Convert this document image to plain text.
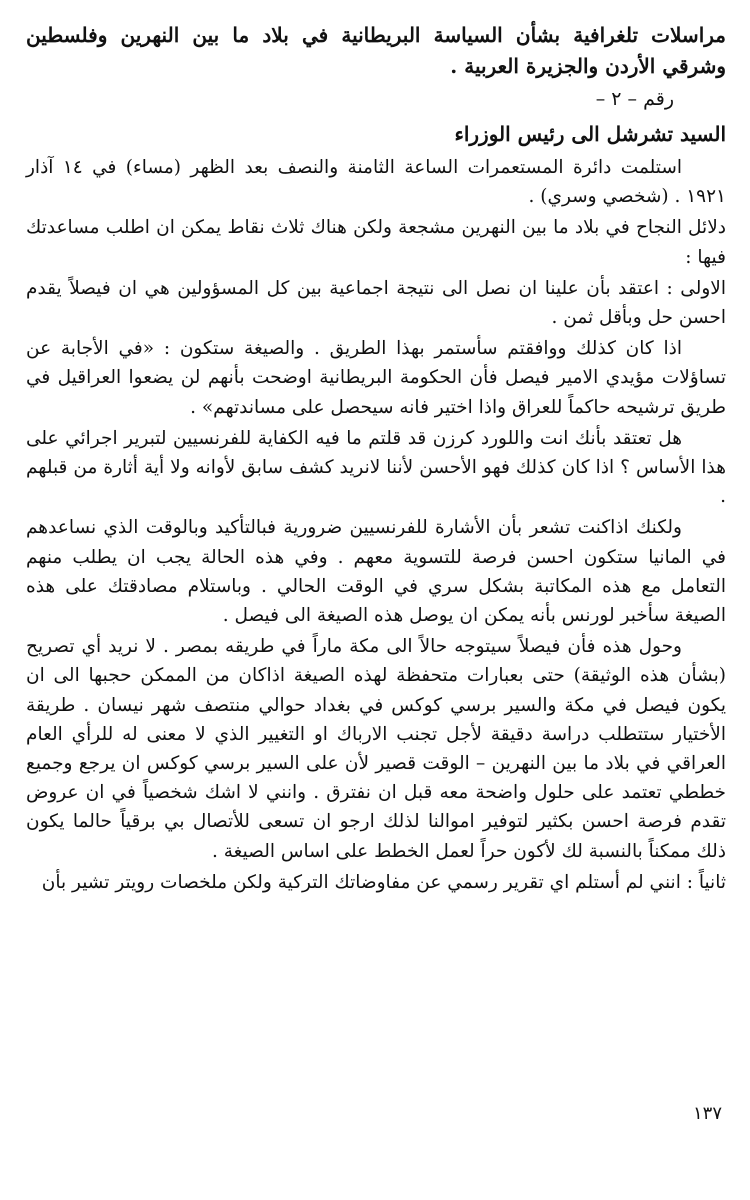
مراسلات تلغرافية بشأن السياسة البريطانية في بلاد ما بين النهرين وفلسطين وشرقي الأردن والجزيرة العربية .
رقم – ٢ –
السيد تشرشل الى رئيس الوزراء

استلمت دائرة المستعمرات الساعة الثامنة والنصف بعد الظهر (مساء) في ١٤ آذار ١٩٢١ . (شخصي وسري) .

دلائل النجاح في بلاد ما بين النهرين مشجعة ولكن هناك ثلاث نقاط يمكن ان اطلب مساعدتك فيها :

الاولى : اعتقد بأن علينا ان نصل الى نتيجة اجماعية بين كل المسؤولين هي ان فيصلاً يقدم احسن حل وبأقل ثمن .

اذا كان كذلك ووافقتم سأستمر بهذا الطريق . والصيغة ستكون : «في الأجابة عن تساؤلات مؤيدي الامير فيصل فأن الحكومة البريطانية اوضحت بأنهم لن يضعوا العراقيل في طريق ترشيحه حاكماً للعراق واذا اختير فانه سيحصل على مساندتهم» .

هل تعتقد بأنك انت واللورد كرزن قد قلتم ما فيه الكفاية للفرنسيين لتبرير اجرائي على هذا الأساس ؟ اذا كان كذلك فهو الأحسن لأننا لانريد كشف سابق لأوانه ولا أية أثارة من قبلهم .

ولكنك اذاكنت تشعر بأن الأشارة للفرنسيين ضرورية فبالتأكيد وبالوقت الذي نساعدهم في المانيا ستكون احسن فرصة للتسوية معهم . وفي هذه الحالة يجب ان يطلب منهم التعامل مع هذه المكاتبة بشكل سري في الوقت الحالي . وباستلام مصادقتك على هذه الصيغة سأخبر لورنس بأنه يمكن ان يوصل هذه الصيغة الى فيصل .

وحول هذه فأن فيصلاً سيتوجه حالاً الى مكة ماراً في طريقه بمصر . لا نريد أي تصريح (بشأن هذه الوثيقة) حتى بعبارات متحفظة لهذه الصيغة اذاكان من الممكن حجبها الى ان يكون فيصل في مكة والسير برسي كوكس في بغداد حوالي منتصف شهر نيسان . طريقة الأختيار ستتطلب دراسة دقيقة لأجل تجنب الارباك او التغيير الذي لا معنى له للرأي العام العراقي في بلاد ما بين النهرين – الوقت قصير لأن على السير برسي كوكس ان يرجع وجميع خططي تعتمد على حلول واضحة معه قبل ان نفترق . وانني لا اشك شخصياً في ان عروض تقدم فرصة احسن بكثير لتوفير اموالنا لذلك ارجو ان تسعى للأتصال بي برقياً حالما يكون ذلك ممكناً بالنسبة لك لأكون حراً لعمل الخطط على اساس الصيغة .

ثانياً : انني لم أستلم اي تقرير رسمي عن مفاوضاتك التركية ولكن ملخصات رويتر تشير بأن

١٣٧
